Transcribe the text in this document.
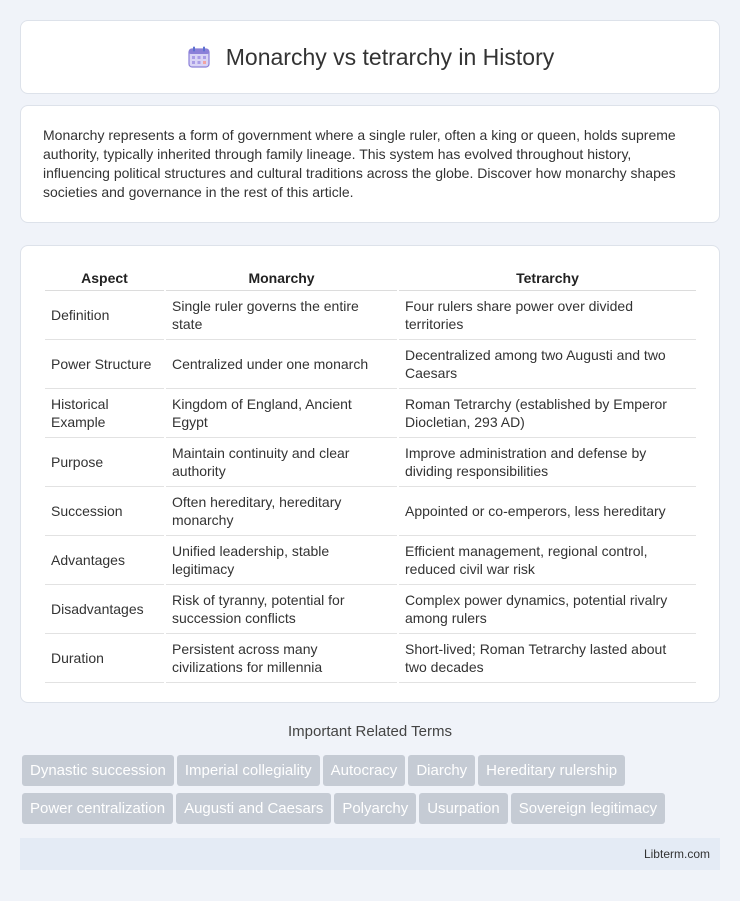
Monarchy vs tetrarchy in History

Monarchy represents a form of government where a single ruler, often a king or queen, holds supreme authority, typically inherited through family lineage. This system has evolved throughout history, influencing political structures and cultural traditions across the globe. Discover how monarchy shapes societies and governance in the rest of this article.

Aspect	Monarchy	Tetrarchy
Definition	Single ruler governs the entire state	Four rulers share power over divided territories
Power Structure	Centralized under one monarch	Decentralized among two Augusti and two Caesars
Historical Example	Kingdom of England, Ancient Egypt	Roman Tetrarchy (established by Emperor Diocletian, 293 AD)
Purpose	Maintain continuity and clear authority	Improve administration and defense by dividing responsibilities
Succession	Often hereditary, hereditary monarchy	Appointed or co-emperors, less hereditary
Advantages	Unified leadership, stable legitimacy	Efficient management, regional control, reduced civil war risk
Disadvantages	Risk of tyranny, potential for succession conflicts	Complex power dynamics, potential rivalry among rulers
Duration	Persistent across many civilizations for millennia	Short-lived; Roman Tetrarchy lasted about two decades
Important Related Terms
Dynastic succession Imperial collegiality Autocracy Diarchy Hereditary rulershipPower centralization Augusti and Caesars Polyarchy Usurpation Sovereign legitimacy
Libterm.com
